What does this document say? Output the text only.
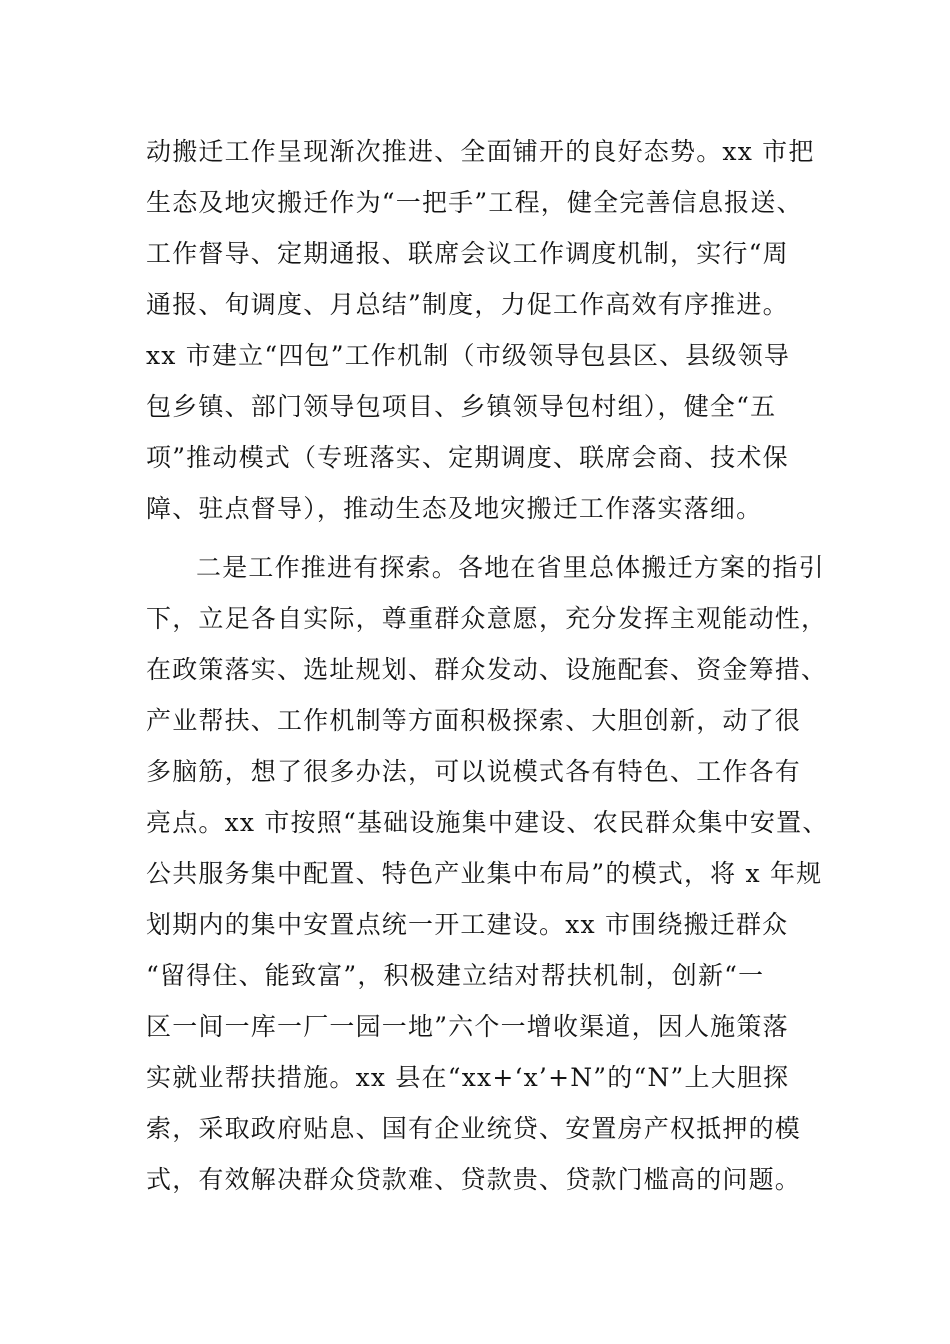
动搬迁工作呈现渐次推进、全面铺开的良好态势。xx 市把
生态及地灾搬迁作为“一把手”工程，健全完善信息报送、
工作督导、定期通报、联席会议工作调度机制，实行“周
通报、旬调度、月总结”制度，力促工作高效有序推进。
xx 市建立“四包”工作机制（市级领导包县区、县级领导
包乡镇、部门领导包项目、乡镇领导包村组），健全“五
项”推动模式（专班落实、定期调度、联席会商、技术保
障、驻点督导），推动生态及地灾搬迁工作落实落细。
二是工作推进有探索。各地在省里总体搬迁方案的指引
下，立足各自实际，尊重群众意愿，充分发挥主观能动性，
在政策落实、选址规划、群众发动、设施配套、资金筹措、
产业帮扶、工作机制等方面积极探索、大胆创新，动了很
多脑筋，想了很多办法，可以说模式各有特色、工作各有
亮点。xx 市按照“基础设施集中建设、农民群众集中安置、
公共服务集中配置、特色产业集中布局”的模式，将 x 年规
划期内的集中安置点统一开工建设。xx 市围绕搬迁群众
“留得住、能致富”，积极建立结对帮扶机制，创新“一
区一间一库一厂一园一地”六个一增收渠道，因人施策落
实就业帮扶措施。xx 县在“xx+‘x’+N”的“N”上大胆探
索，采取政府贴息、国有企业统贷、安置房产权抵押的模
式，有效解决群众贷款难、贷款贵、贷款门槛高的问题。
